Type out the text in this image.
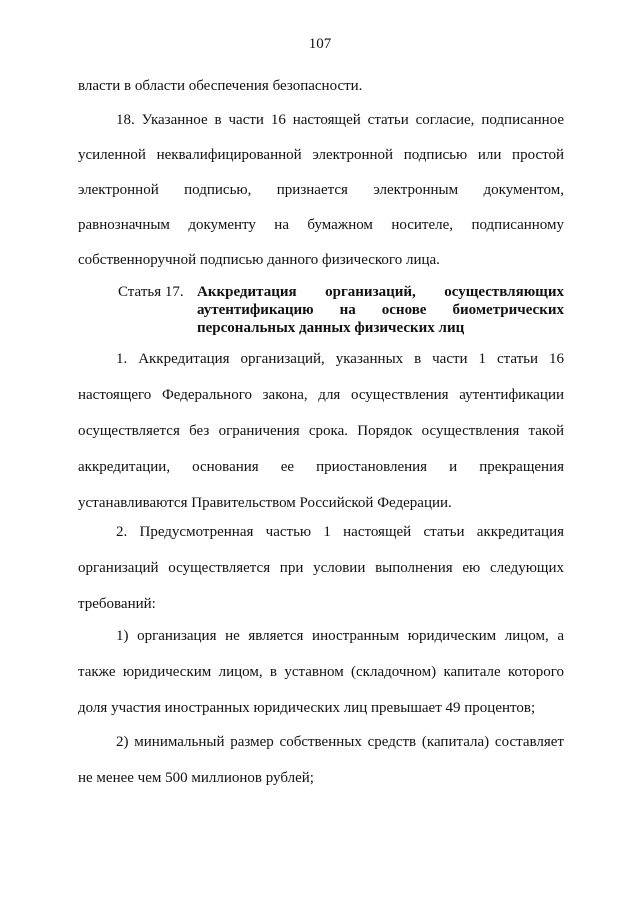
107
власти в области обеспечения безопасности.
18. Указанное в части 16 настоящей статьи согласие, подписанное
усиленной неквалифицированной электронной подписью или простой
электронной подписью, признается электронным документом,
равнозначным документу на бумажном носителе, подписанному
собственноручной подписью данного физического лица.
Статья 17. Аккредитация организаций, осуществляющих
аутентификацию на основе биометрических
персональных данных физических лиц
1. Аккредитация организаций, указанных в части 1 статьи 16
настоящего Федерального закона, для осуществления аутентификации
осуществляется без ограничения срока. Порядок осуществления такой
аккредитации, основания ее приостановления и прекращения
устанавливаются Правительством Российской Федерации.
2. Предусмотренная частью 1 настоящей статьи аккредитация
организаций осуществляется при условии выполнения ею следующих
требований:
1) организация не является иностранным юридическим лицом, а
также юридическим лицом, в уставном (складочном) капитале которого
доля участия иностранных юридических лиц превышает 49 процентов;
2) минимальный размер собственных средств (капитала) составляет
не менее чем 500 миллионов рублей;
